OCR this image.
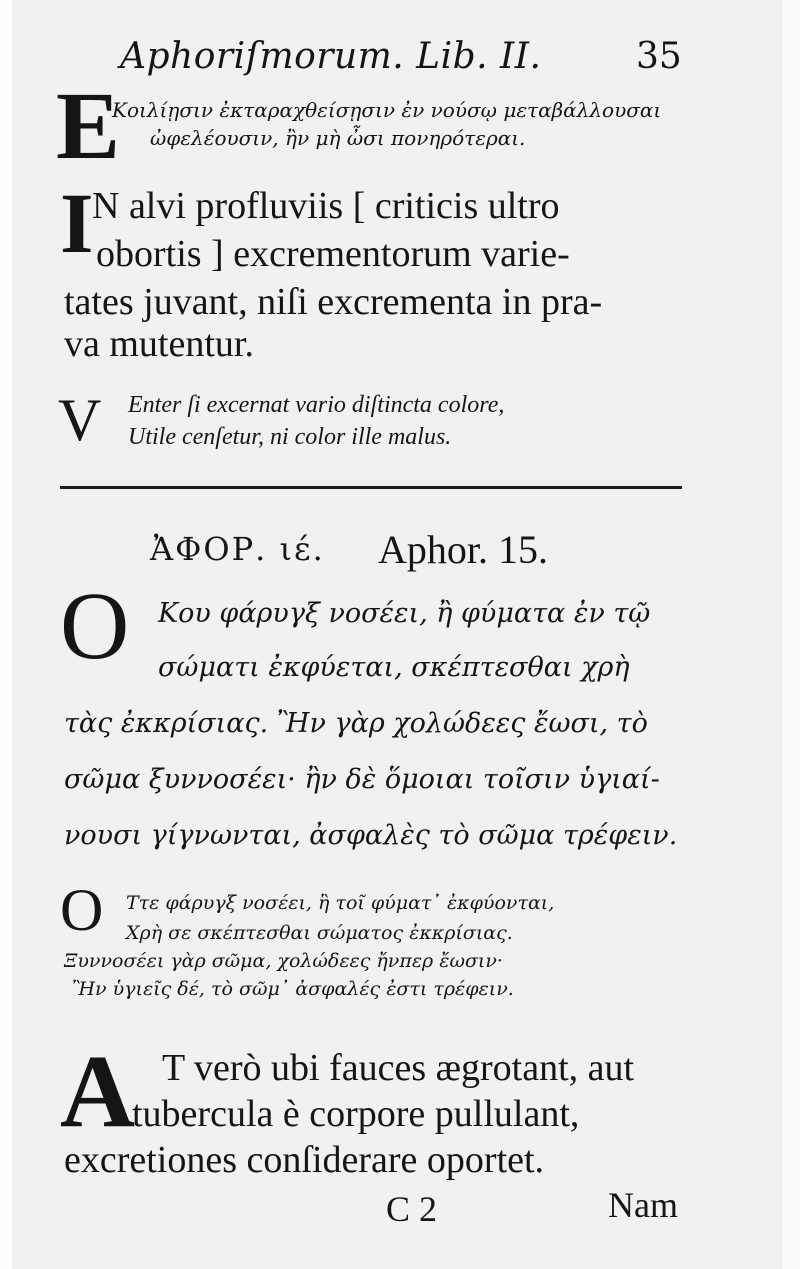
Aphoriſmorum. Lib. II.	35
E
Κοιλίῃσιν ἐκταραχθείσῃσιν ἐν νούσῳ μεταβάλλουσαι
ὠφελέουσιν, ἢν μὴ ὦσι πονηρότεραι.
I
N alvi profluviis [ criticis ultro
obortis ] excrementorum varie-
tates juvant, niſi excrementa in pra-
va mutentur.
V Enter ſi excernat vario diſtincta colore,
Utile cenſetur, ni color ille malus.
ἈΦΟΡ. ιέ. Aphor. 15.
O Κου φάρυγξ νοσέει, ἢ φύματα ἐν τῷ
σώματι ἐκφύεται, σκέπτεσθαι χρὴ
τὰς ἐκκρίσιας. Ἢν γὰρ χολώδεες ἔωσι, τὸ
σῶμα ξυννοσέει· ἢν δὲ ὅμοιαι τοῖσιν ὑγιαί-
νουσι γίγνωνται, ἀσφαλὲς τὸ σῶμα τρέφειν.
O Ττε φάρυγξ νοσέει, ἢ τοῖ φύματ᾽ ἐκφύονται,
Χρὴ σε σκέπτεσθαι σώματος ἐκκρίσιας.
Ξυννοσέει γὰρ σῶμα, χολώδεες ἤνπερ ἔωσιν·
Ἢν ὑγιεῖς δέ, τὸ σῶμ᾽ ἀσφαλές ἐστι τρέφειν.
A T verò ubi fauces ægrotant, aut
tubercula è corpore pullulant,
excretiones conſiderare oportet.
C 2	Nam
